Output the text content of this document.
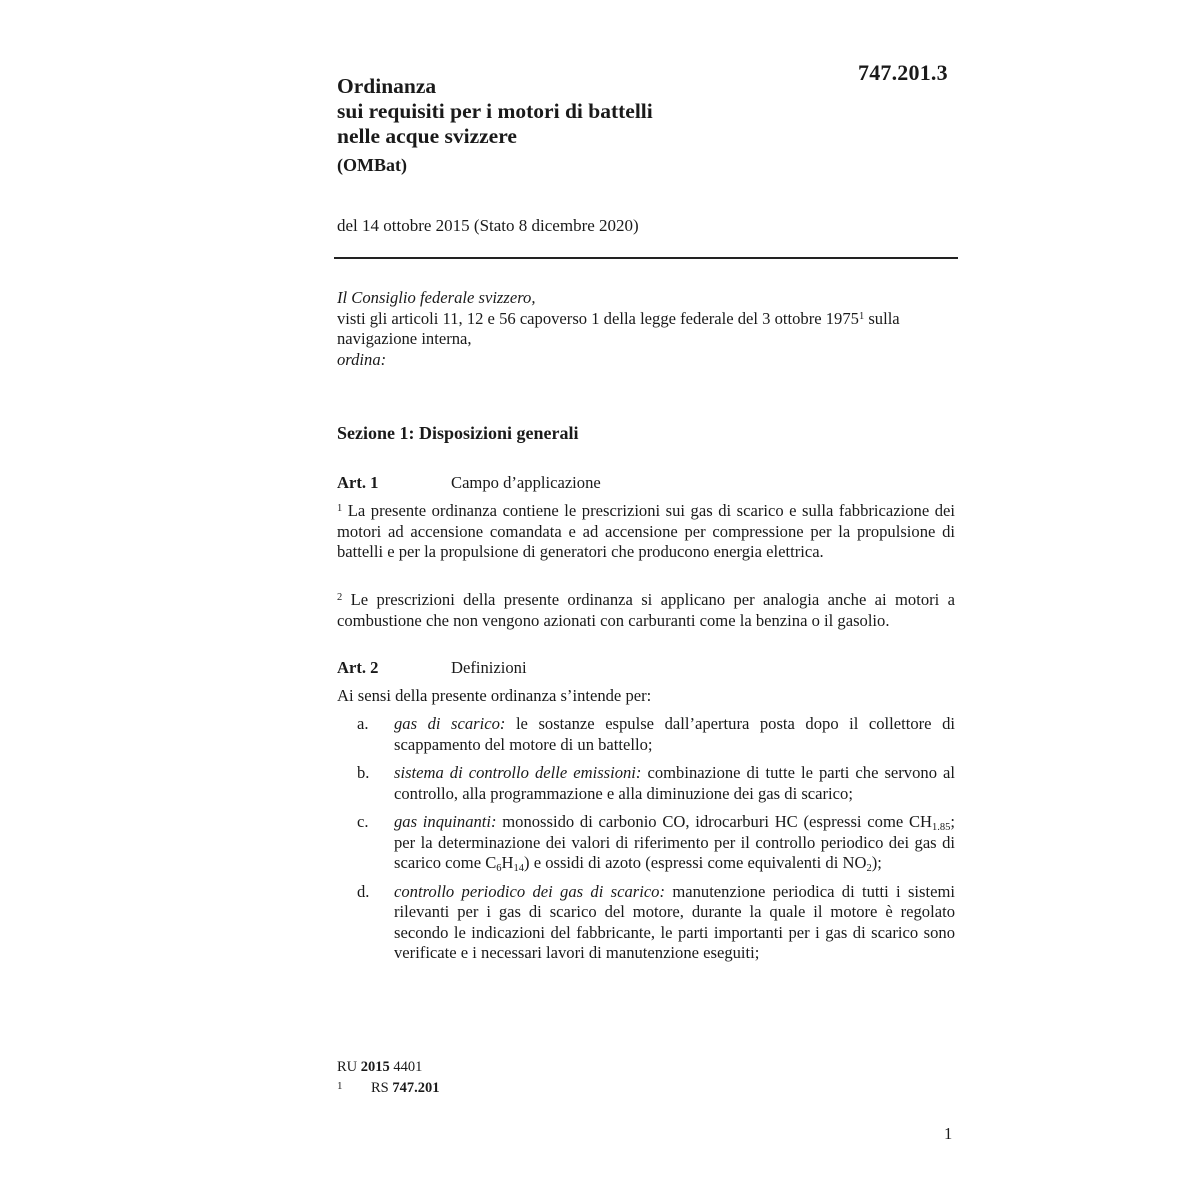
747.201.3
Ordinanza
sui requisiti per i motori di battelli
nelle acque svizzere
(OMBat)
del 14 ottobre 2015 (Stato 8 dicembre 2020)

Il Consiglio federale svizzero,

visti gli articoli 11, 12 e 56 capoverso 1 della legge federale del 3 ottobre 1975$^1$ sulla navigazione interna,

ordina:

Sezione 1: Disposizioni generali
Art. 1	Campo d’applicazione
$^1$ La presente ordinanza contiene le prescrizioni sui gas di scarico e sulla fabbricazione dei motori ad accensione comandata e ad accensione per compressione per la propulsione di battelli e per la propulsione di generatori che producono energia elettrica.
$^2$ Le prescrizioni della presente ordinanza si applicano per analogia anche ai motori a combustione che non vengono azionati con carburanti come la benzina o il gasolio.
Art. 2	Definizioni
Ai sensi della presente ordinanza s’intende per:
a. gas di scarico: le sostanze espulse dall’apertura posta dopo il collettore di scappamento del motore di un battello;
b. sistema di controllo delle emissioni: combinazione di tutte le parti che servono al controllo, alla programmazione e alla diminuzione dei gas di scarico;
c. gas inquinanti: monossido di carbonio CO, idrocarburi HC (espressi come $CH_{1.85}$; per la determinazione dei valori di riferimento per il controllo periodico dei gas di scarico come $C_6H_{14}$) e ossidi di azoto (espressi come equivalenti di $NO_2$);
d. controllo periodico dei gas di scarico: manutenzione periodica di tutti i sistemi rilevanti per i gas di scarico del motore, durante la quale il motore è regolato secondo le indicazioni del fabbricante, le parti importanti per i gas di scarico sono verificate e i necessari lavori di manutenzione eseguiti;
RU 2015 4401
1 RS 747.201
1
